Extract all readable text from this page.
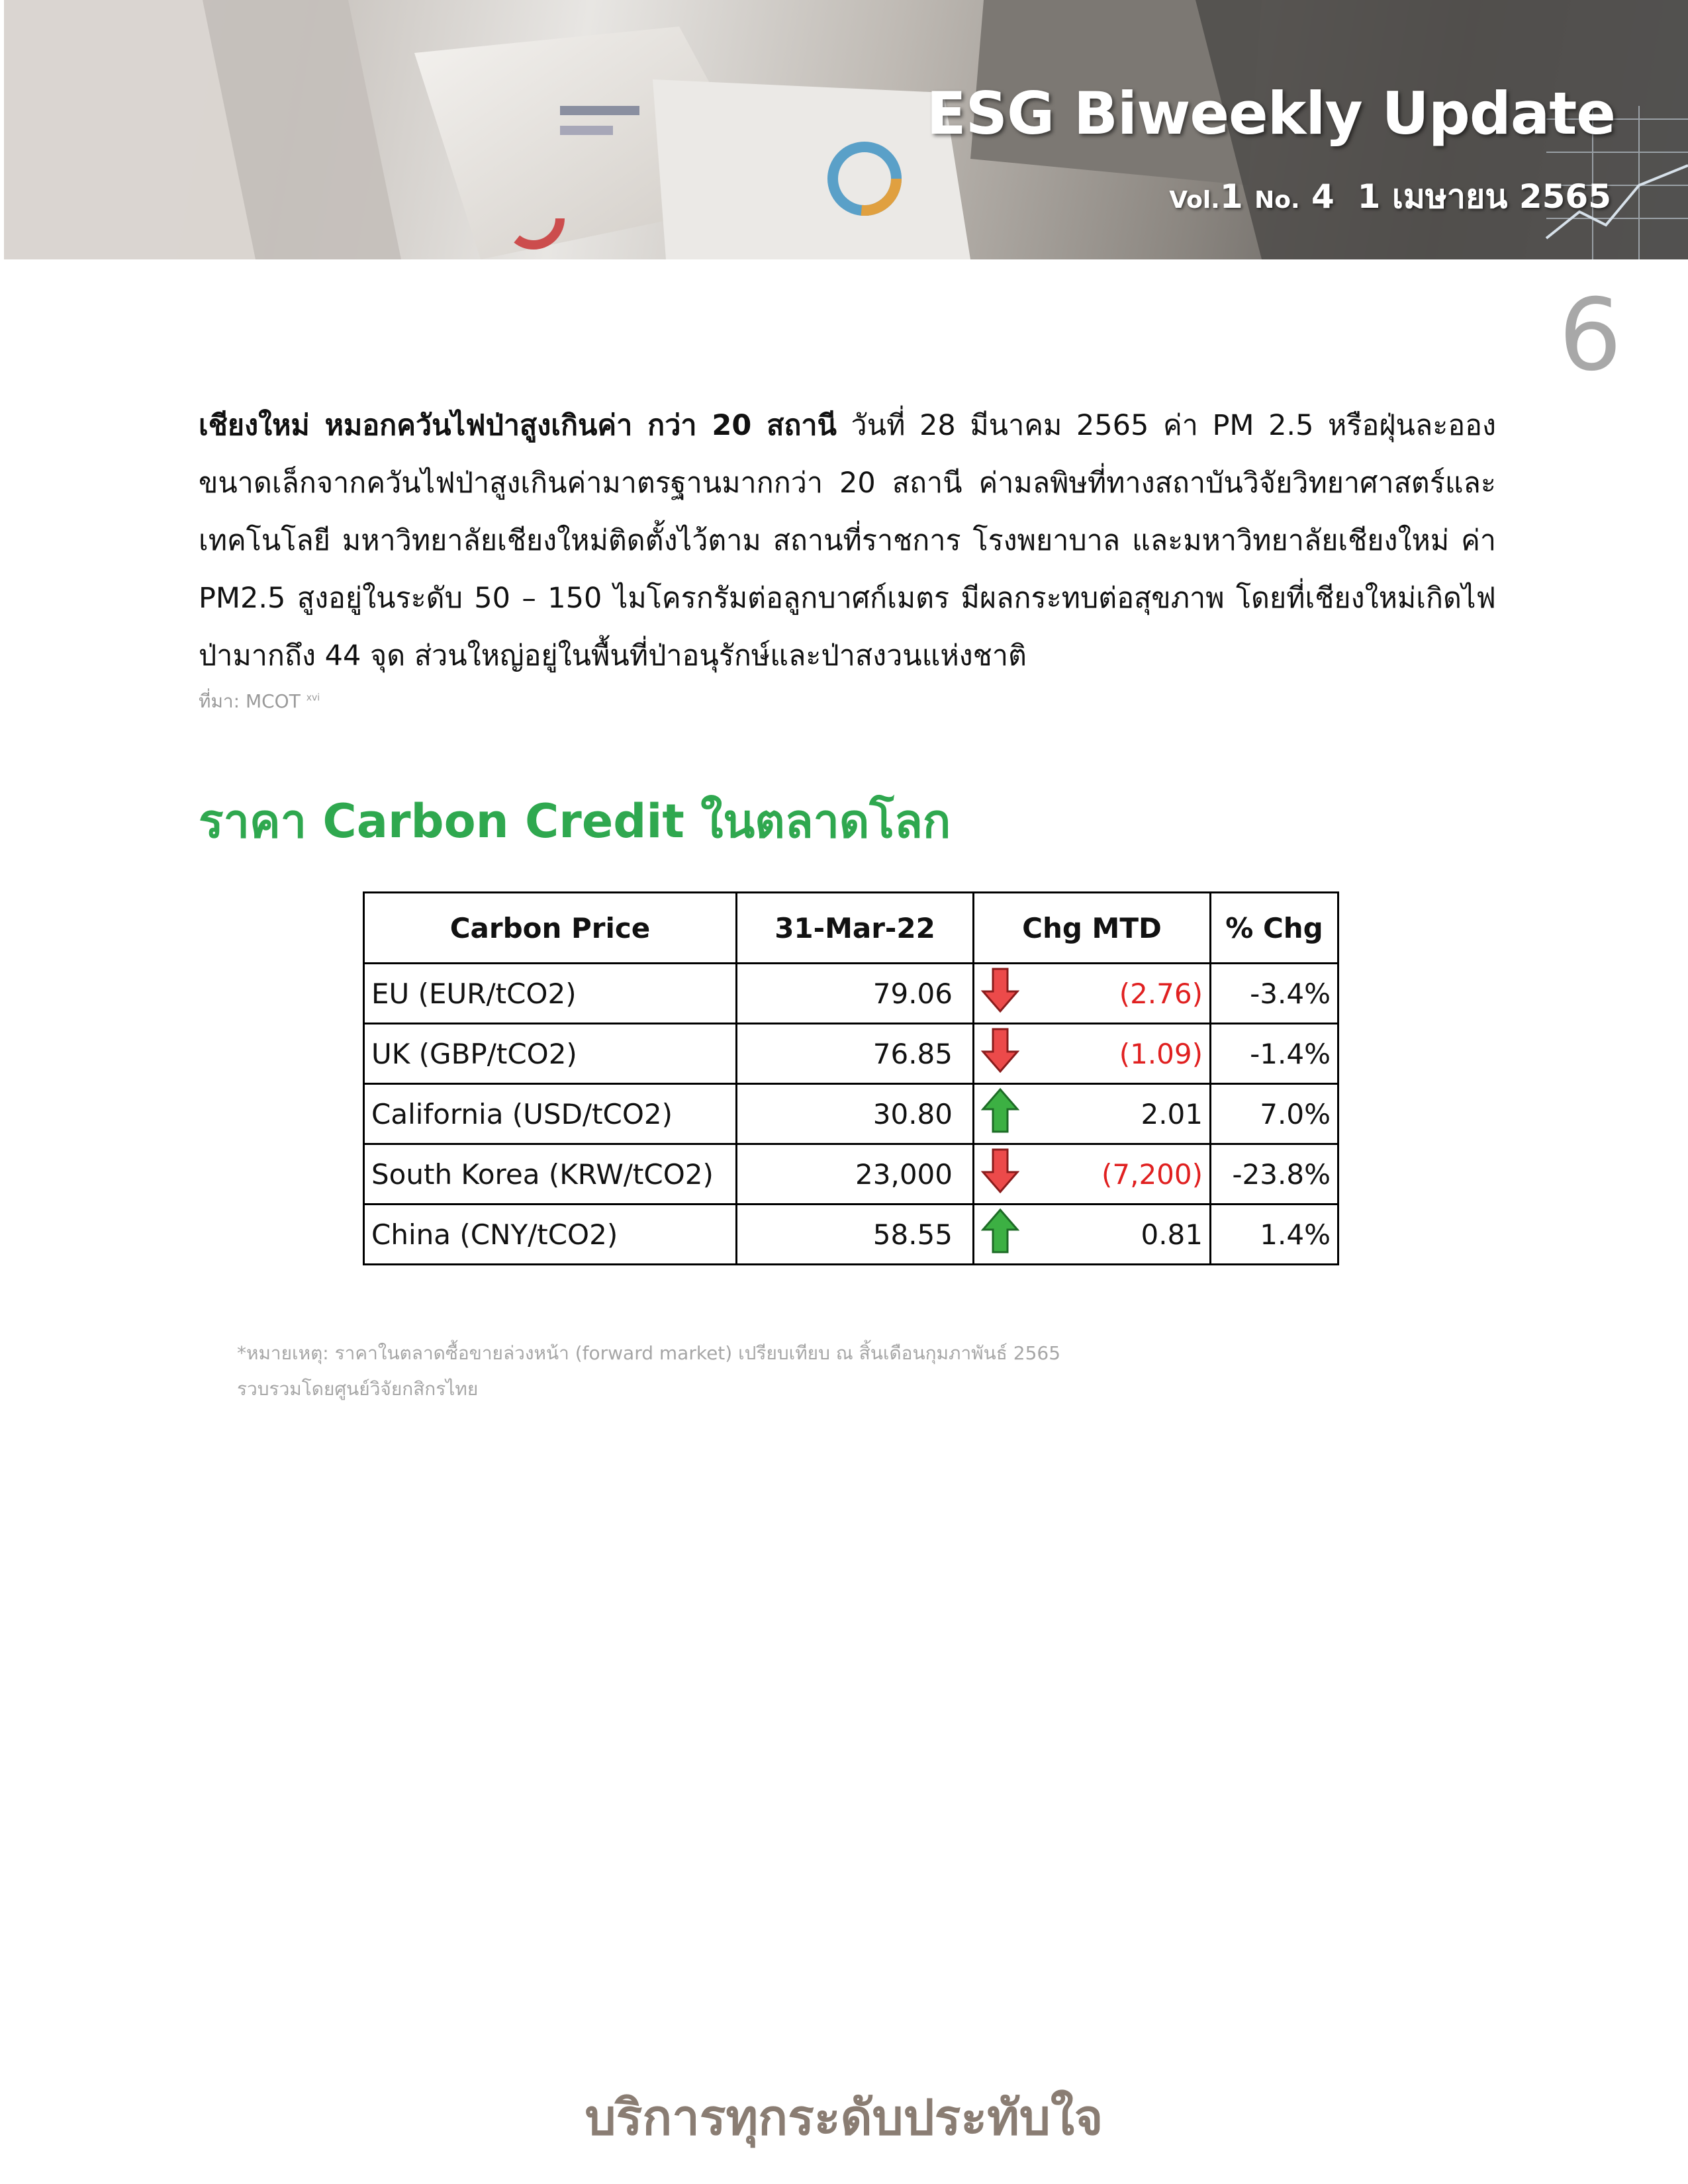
ESG Biweekly Update
Vol.1 No. 4 1 เมษายน 2565
6
เชียงใหม่ หมอกควันไฟป่าสูงเกินค่า กว่า 20 สถานี วันที่ 28 มีนาคม 2565 ค่า PM 2.5 หรือฝุ่นละอองขนาดเล็กจากควันไฟป่าสูงเกินค่ามาตรฐานมากกว่า 20 สถานี ค่ามลพิษที่ทางสถาบันวิจัยวิทยาศาสตร์และเทคโนโลยี มหาวิทยาลัยเชียงใหม่ติดตั้งไว้ตาม สถานที่ราชการ โรงพยาบาล และมหาวิทยาลัยเชียงใหม่ ค่า PM2.5 สูงอยู่ในระดับ 50 – 150 ไมโครกรัมต่อลูกบาศก์เมตร มีผลกระทบต่อสุขภาพ โดยที่เชียงใหม่เกิดไฟป่ามากถึง 44 จุด ส่วนใหญ่อยู่ในพื้นที่ป่าอนุรักษ์และป่าสงวนแห่งชาติ
ที่มา: MCOT $^{xvi}$
ราคา Carbon Credit ในตลาดโลก
Carbon Price	31-Mar-22	Chg MTD	% Chg
EU (EUR/tCO2)	79.06	(2.76)	-3.4%
UK (GBP/tCO2)	76.85	(1.09)	-1.4%
California (USD/tCO2)	30.80	2.01	7.0%
South Korea (KRW/tCO2)	23,000	(7,200)	-23.8%
China (CNY/tCO2)	58.55	0.81	1.4%
*หมายเหตุ: ราคาในตลาดซื้อขายล่วงหน้า (forward market) เปรียบเทียบ ณ สิ้นเดือนกุมภาพันธ์ 2565
รวบรวมโดยศูนย์วิจัยกสิกรไทย
บริการทุกระดับประทับใจ
